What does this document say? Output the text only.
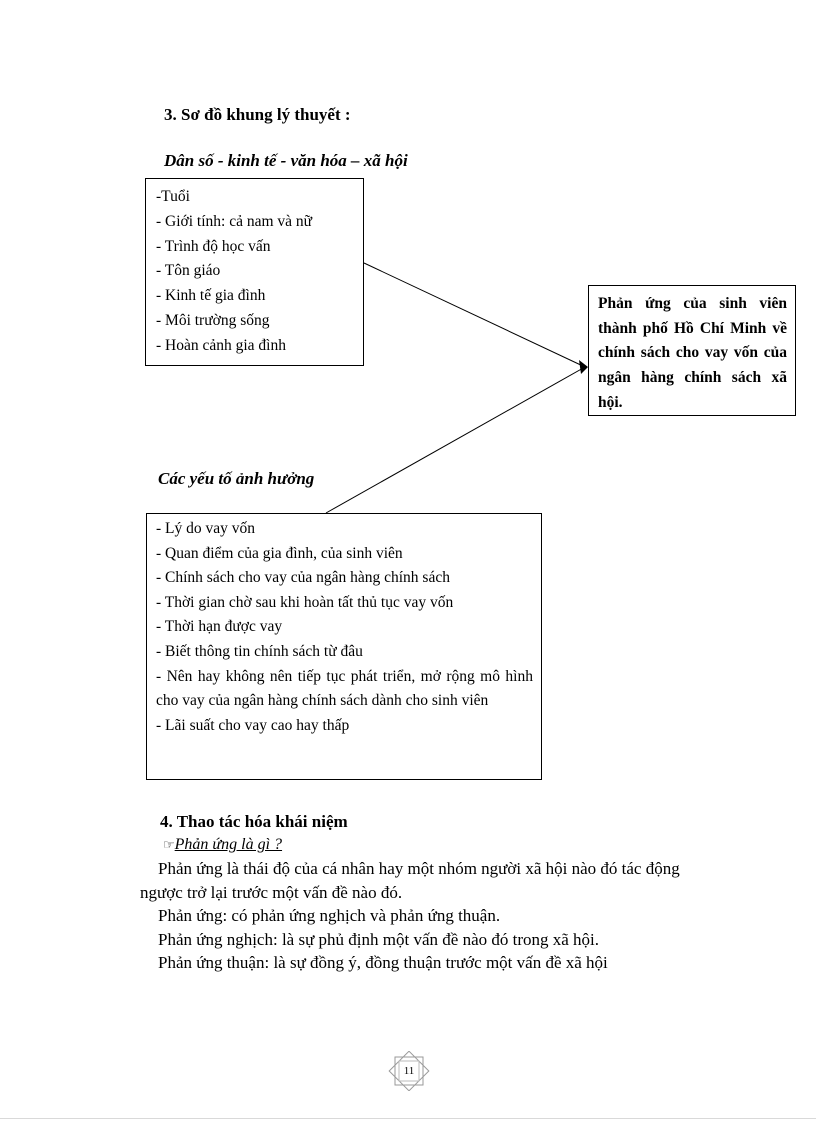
3. Sơ đồ khung lý thuyết :
Dân số - kinh tế - văn hóa – xã hội
-Tuổi
- Giới tính: cả nam và nữ
- Trình độ học vấn
- Tôn giáo
- Kinh tế gia đình
- Môi trường sống
- Hoàn cảnh gia đình

Phản ứng của sinh viên thành phố Hồ Chí Minh về chính sách cho vay vốn của ngân hàng chính sách xã hội.

Các yếu tố ảnh hưởng
- Lý do vay vốn
- Quan điểm của gia đình, của sinh viên
- Chính sách cho vay của ngân hàng chính sách
- Thời gian chờ sau khi hoàn tất thủ tục vay vốn
- Thời hạn được vay
- Biết thông tin chính sách từ đâu
- Nên hay không nên tiếp tục phát triển, mở rộng mô hình cho vay của ngân hàng chính sách dành cho sinh viên
- Lãi suất cho vay cao hay thấp
4. Thao tác hóa khái niệm
☞Phản ứng là gì ?
Phản ứng là thái độ của cá nhân hay một nhóm người xã hội nào đó tác động
ngược trở lại trước một vấn đề nào đó.
Phản ứng: có phản ứng nghịch và phản ứng thuận.
Phản ứng nghịch: là sự phủ định một vấn đề nào đó trong xã hội.
Phản ứng thuận: là sự đồng ý, đồng thuận trước một vấn đề xã hội
11
